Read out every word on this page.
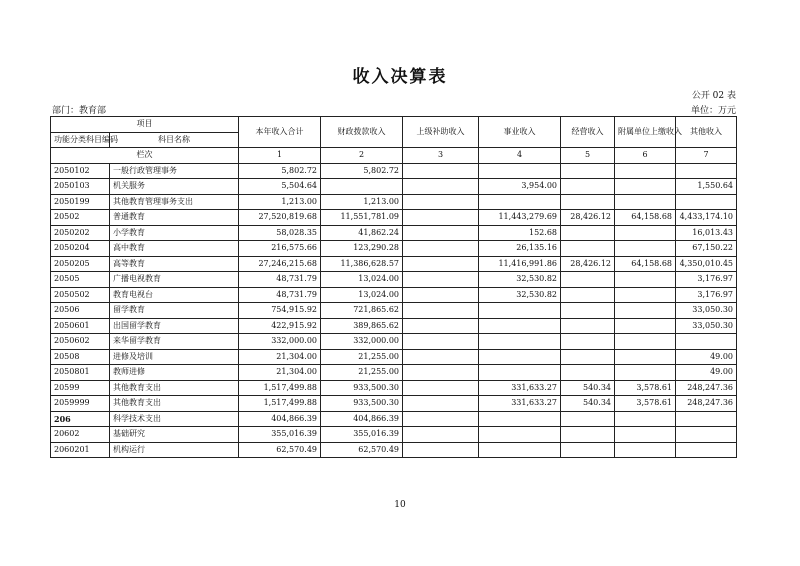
收入决算表
公开 02 表
部门：教育部	单位：万元
项目		本年收入合计	财政拨款收入	上级补助收入	事业收入	经营收入	附属单位上缴收入	其他收入
功能分类科目编码	科目名称							
栏次		1	2	3	4	5	6	7
2050102	一般行政管理事务	5,802.72	5,802.72					
2050103	机关服务	5,504.64			3,954.00			1,550.64
2050199	其他教育管理事务支出	1,213.00	1,213.00					
20502	普通教育	27,520,819.68	11,551,781.09		11,443,279.69	28,426.12	64,158.68	4,433,174.10
2050202	小学教育	58,028.35	41,862.24		152.68			16,013.43
2050204	高中教育	216,575.66	123,290.28		26,135.16			67,150.22
2050205	高等教育	27,246,215.68	11,386,628.57		11,416,991.86	28,426.12	64,158.68	4,350,010.45
20505	广播电视教育	48,731.79	13,024.00		32,530.82			3,176.97
2050502	教育电视台	48,731.79	13,024.00		32,530.82			3,176.97
20506	留学教育	754,915.92	721,865.62					33,050.30
2050601	出国留学教育	422,915.92	389,865.62					33,050.30
2050602	来华留学教育	332,000.00	332,000.00					
20508	进修及培训	21,304.00	21,255.00					49.00
2050801	教师进修	21,304.00	21,255.00					49.00
20599	其他教育支出	1,517,499.88	933,500.30		331,633.27	540.34	3,578.61	248,247.36
2059999	其他教育支出	1,517,499.88	933,500.30		331,633.27	540.34	3,578.61	248,247.36
206	科学技术支出	404,866.39	404,866.39					
20602	基础研究	355,016.39	355,016.39					
2060201	机构运行	62,570.49	62,570.49					
10
